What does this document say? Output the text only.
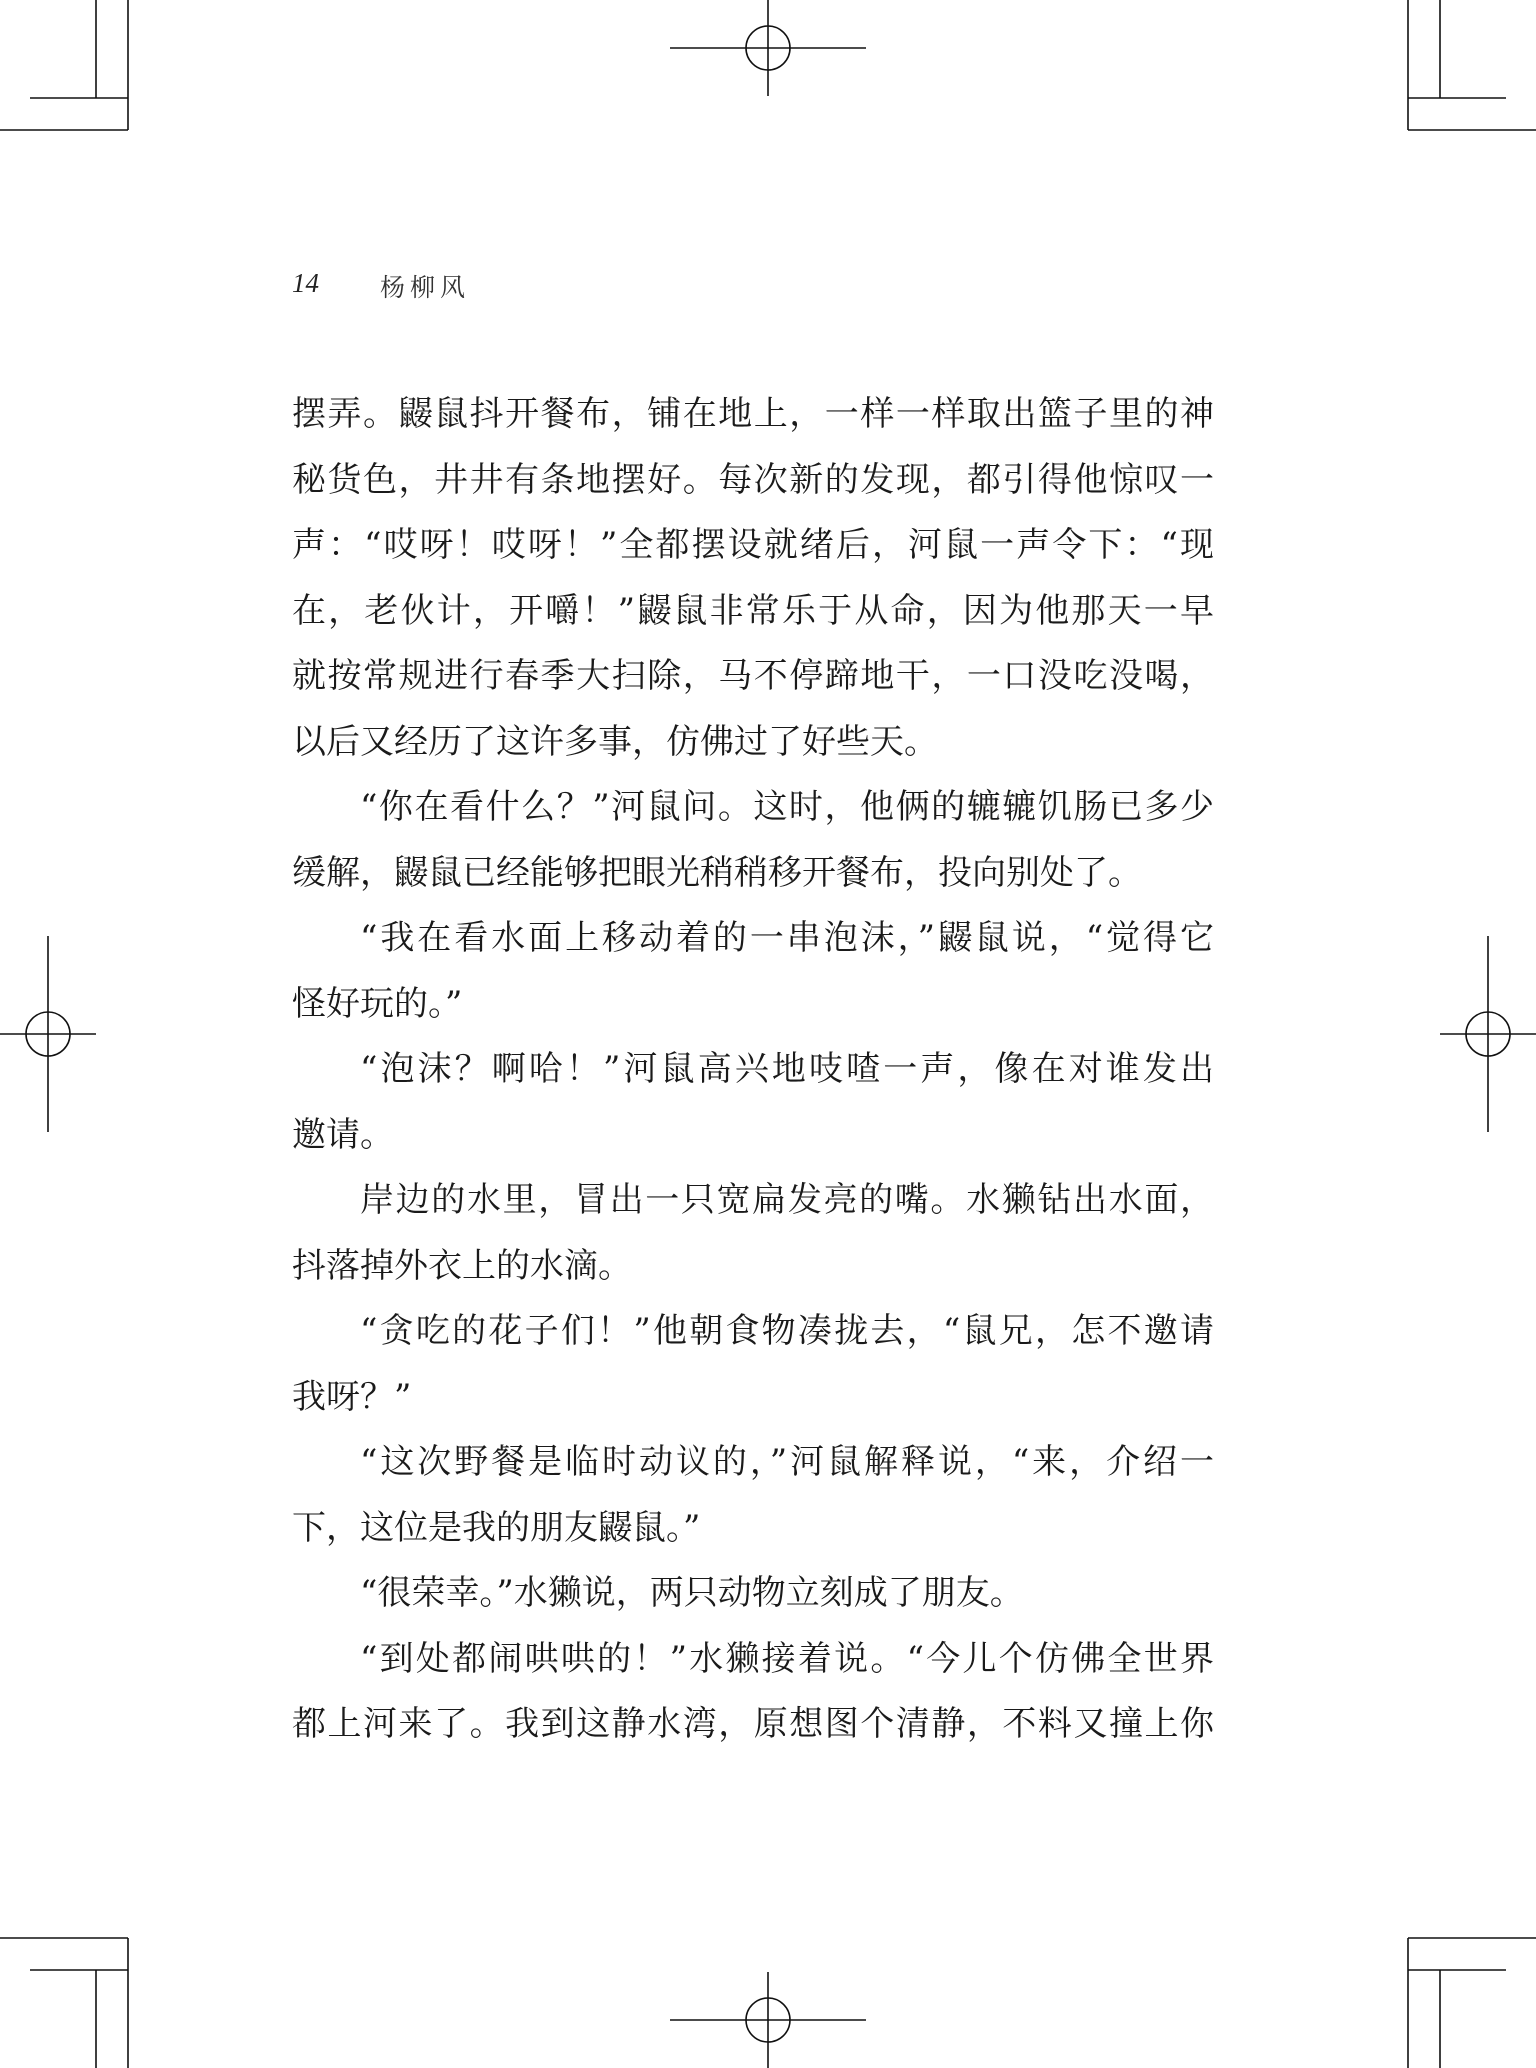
14 杨柳风
摆弄。鼹鼠抖开餐布，铺在地上，一样一样取出篮子里的神
秘货色，井井有条地摆好。每次新的发现，都引得他惊叹一
声：“哎呀！哎呀！”全都摆设就绪后，河鼠一声令下：“现
在，老伙计，开嚼！”鼹鼠非常乐于从命，因为他那天一早
就按常规进行春季大扫除，马不停蹄地干，一口没吃没喝，
以后又经历了这许多事，仿佛过了好些天。
“你在看什么？”河鼠问。这时，他俩的辘辘饥肠已多少
缓解，鼹鼠已经能够把眼光稍稍移开餐布，投向别处了。
“我在看水面上移动着的一串泡沫，”鼹鼠说，“觉得它
怪好玩的。”
“泡沫？啊哈！”河鼠高兴地吱喳一声，像在对谁发出
邀请。
岸边的水里，冒出一只宽扁发亮的嘴。水獭钻出水面，
抖落掉外衣上的水滴。
“贪吃的花子们！”他朝食物凑拢去，“鼠兄，怎不邀请
我呀？”
“这次野餐是临时动议的，”河鼠解释说，“来，介绍一
下，这位是我的朋友鼹鼠。”
“很荣幸。”水獭说，两只动物立刻成了朋友。
“到处都闹哄哄的！”水獭接着说。“今儿个仿佛全世界
都上河来了。我到这静水湾，原想图个清静，不料又撞上你
